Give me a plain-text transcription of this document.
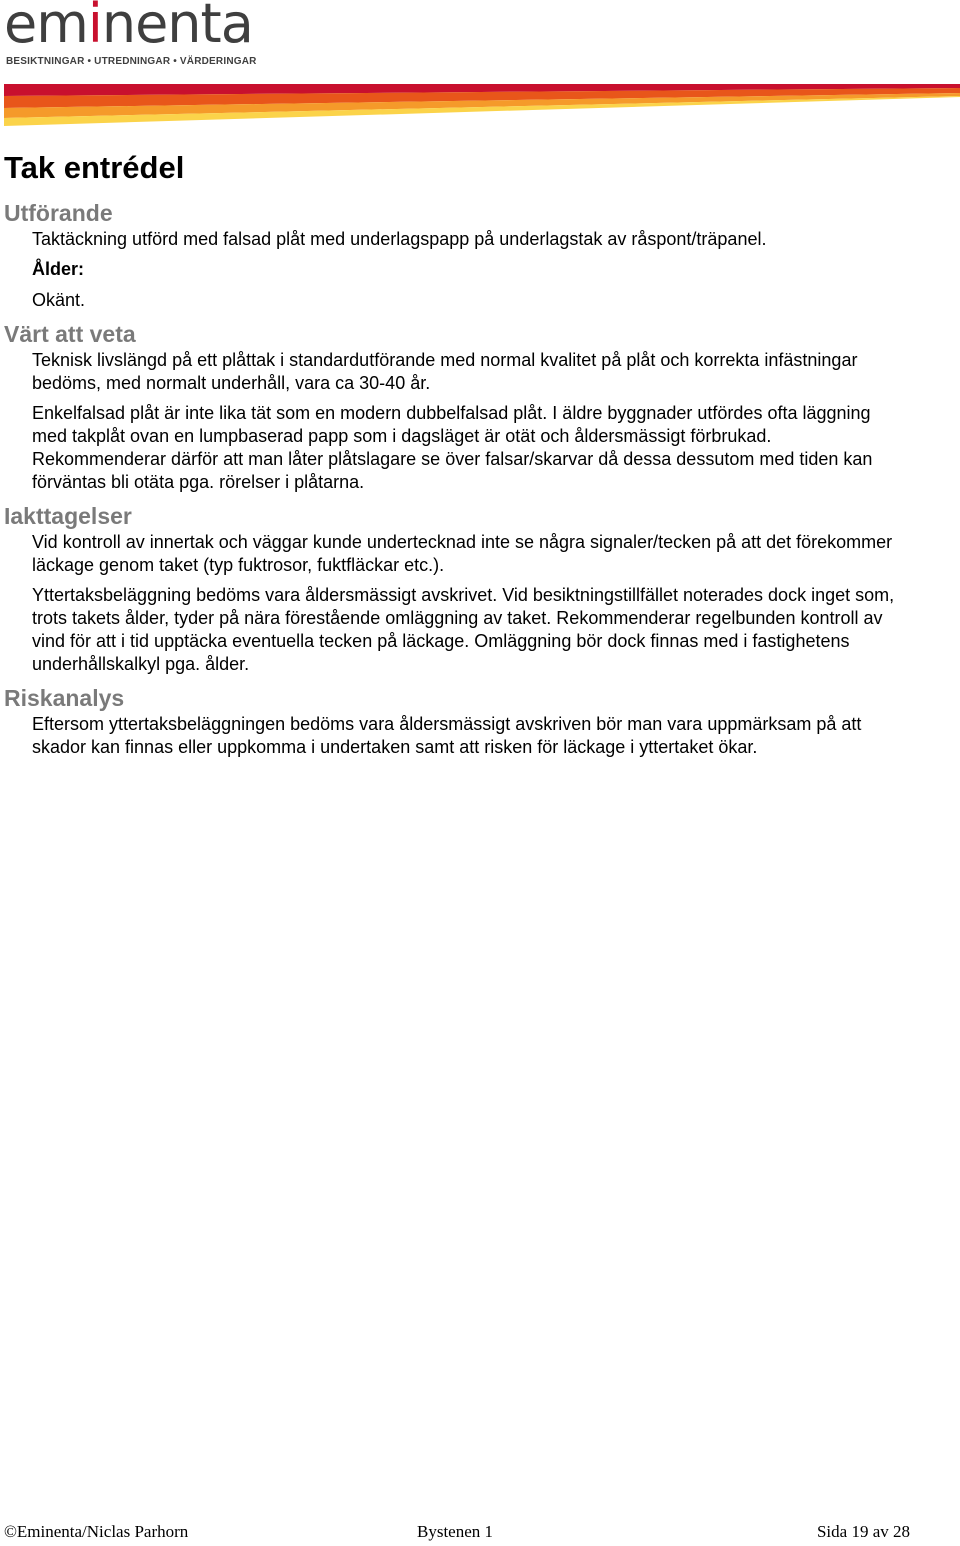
eminenta
BESIKTNINGAR • UTREDNINGAR • VÄRDERINGAR
Tak entrédel
Utförande

Taktäckning utförd med falsad plåt med underlagspapp på underlagstak av råspont/träpanel.

Ålder:

Okänt.

Värt att veta

Teknisk livslängd på ett plåttak i standardutförande med normal kvalitet på plåt och korrekta infästningar bedöms, med normalt underhåll, vara ca 30-40 år.

Enkelfalsad plåt är inte lika tät som en modern dubbelfalsad plåt. I äldre byggnader utfördes ofta läggning med takplåt ovan en lumpbaserad papp som i dagsläget är otät och åldersmässigt förbrukad. Rekommenderar därför att man låter plåtslagare se över falsar/skarvar då dessa dessutom med tiden kan förväntas bli otäta pga. rörelser i plåtarna.

Iakttagelser

Vid kontroll av innertak och väggar kunde undertecknad inte se några signaler/tecken på att det förekommer läckage genom taket (typ fuktrosor, fuktfläckar etc.).

Yttertaksbeläggning bedöms vara åldersmässigt avskrivet. Vid besiktningstillfället noterades dock inget som, trots takets ålder, tyder på nära förestående omläggning av taket. Rekommenderar regelbunden kontroll av vind för att i tid upptäcka eventuella tecken på läckage. Omläggning bör dock finnas med i fastighetens underhållskalkyl pga. ålder.

Riskanalys

Eftersom yttertaksbeläggningen bedöms vara åldersmässigt avskriven bör man vara uppmärksam på att skador kan finnas eller uppkomma i undertaken samt att risken för läckage i yttertaket ökar.

©Eminenta/Niclas Parhorn	Bystenen 1	Sida 19 av 28
